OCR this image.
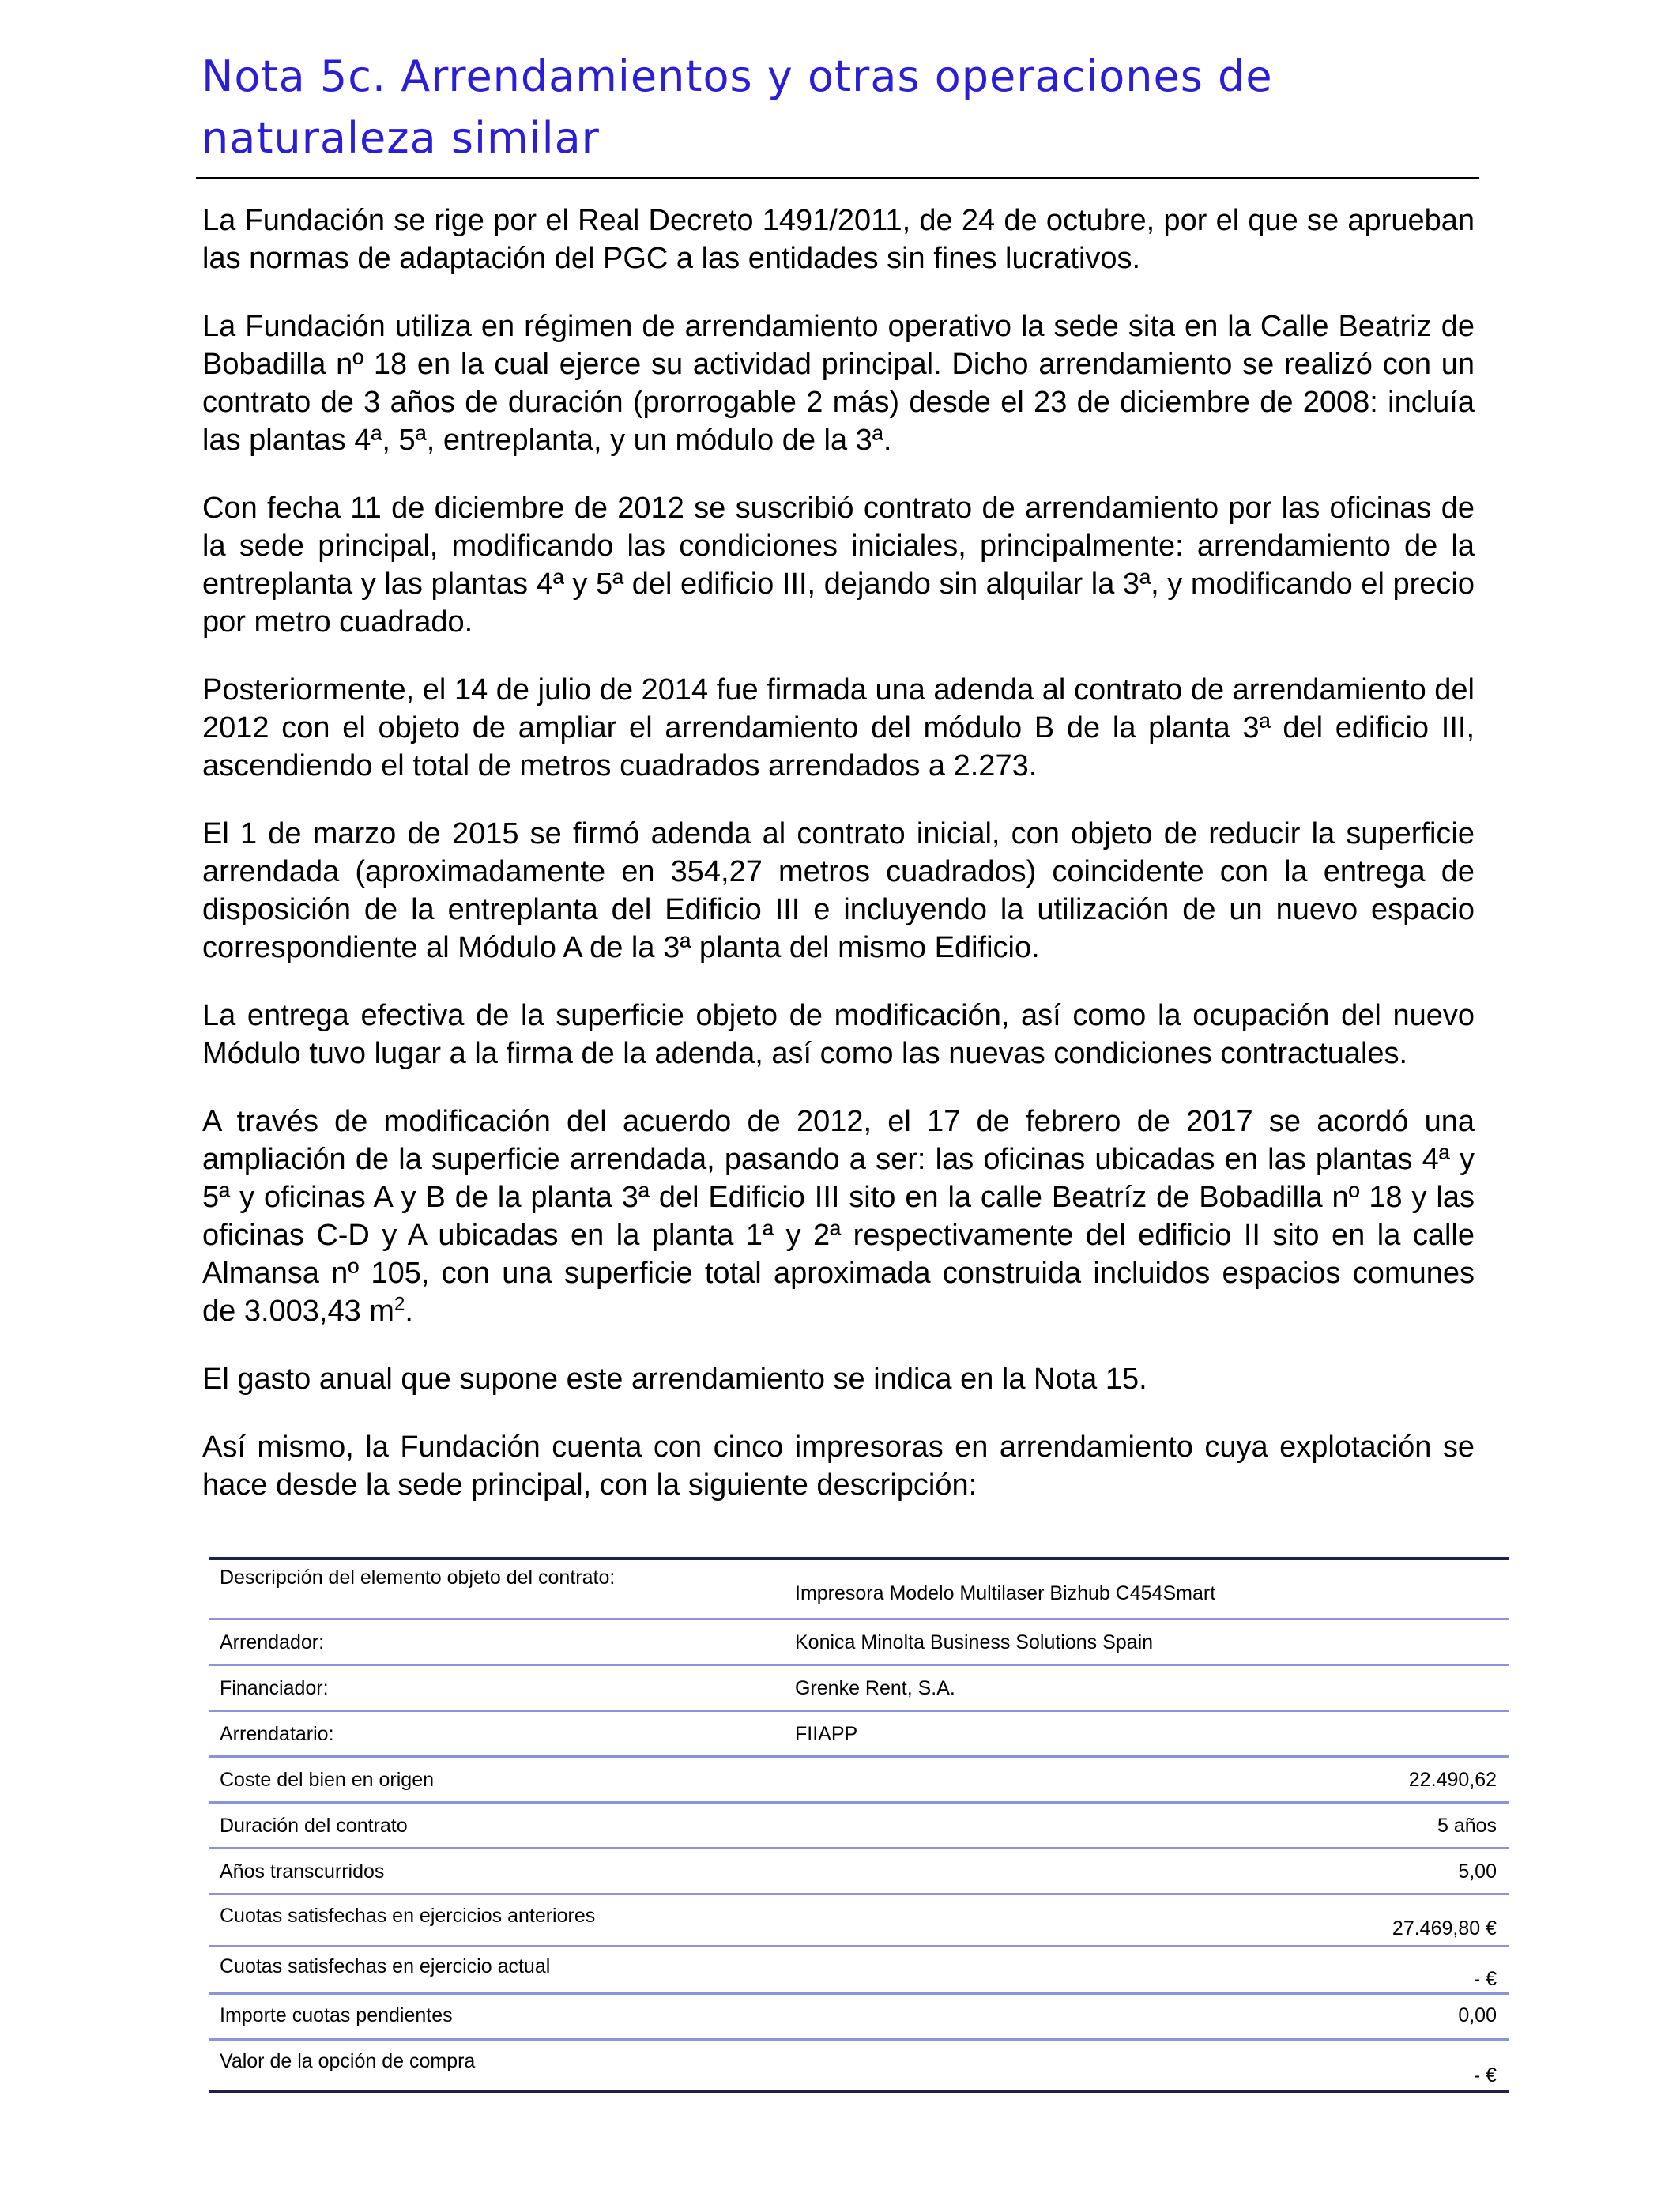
Nota 5c. Arrendamientos y otras operaciones de
naturaleza similar

La Fundación se rige por el Real Decreto 1491/2011, de 24 de octubre, por el que se aprueban las normas de adaptación del PGC a las entidades sin fines lucrativos.

La Fundación utiliza en régimen de arrendamiento operativo la sede sita en la Calle Beatriz de Bobadilla nº 18 en la cual ejerce su actividad principal. Dicho arrendamiento se realizó con un contrato de 3 años de duración (prorrogable 2 más) desde el 23 de diciembre de 2008: incluía las plantas 4ª, 5ª, entreplanta, y un módulo de la 3ª.

Con fecha 11 de diciembre de 2012 se suscribió contrato de arrendamiento por las oficinas de la sede principal, modificando las condiciones iniciales, principalmente: arrendamiento de la entreplanta y las plantas 4ª y 5ª del edificio III, dejando sin alquilar la 3ª, y modificando el precio por metro cuadrado.

Posteriormente, el 14 de julio de 2014 fue firmada una adenda al contrato de arrendamiento del 2012 con el objeto de ampliar el arrendamiento del módulo B de la planta 3ª del edificio III, ascendiendo el total de metros cuadrados arrendados a 2.273.

El 1 de marzo de 2015 se firmó adenda al contrato inicial, con objeto de reducir la superficie arrendada (aproximadamente en 354,27 metros cuadrados) coincidente con la entrega de disposición de la entreplanta del Edificio III e incluyendo la utilización de un nuevo espacio correspondiente al Módulo A de la 3ª planta del mismo Edificio.

La entrega efectiva de la superficie objeto de modificación, así como la ocupación del nuevo Módulo tuvo lugar a la firma de la adenda, así como las nuevas condiciones contractuales.

A través de modificación del acuerdo de 2012, el 17 de febrero de 2017 se acordó una ampliación de la superficie arrendada, pasando a ser: las oficinas ubicadas en las plantas 4ª y 5ª y oficinas A y B de la planta 3ª del Edificio III sito en la calle Beatríz de Bobadilla nº 18 y las oficinas C-D y A ubicadas en la planta 1ª y 2ª respectivamente del edificio II sito en la calle Almansa nº 105, con una superficie total aproximada construida incluidos espacios comunes de 3.003,43 $m^2$.

El gasto anual que supone este arrendamiento se indica en la Nota 15.

Así mismo, la Fundación cuenta con cinco impresoras en arrendamiento cuya explotación se hace desde la sede principal, con la siguiente descripción:

Descripción del elemento objeto del contrato:	Impresora Modelo Multilaser Bizhub C454Smart
Arrendador:	Konica Minolta Business Solutions Spain
Financiador:	Grenke Rent, S.A.
Arrendatario:	FIIAPP
Coste del bien en origen	22.490,62
Duración del contrato	5 años
Años transcurridos	5,00
Cuotas satisfechas en ejercicios anteriores	27.469,80 €
Cuotas satisfechas en ejercicio actual	- €
Importe cuotas pendientes	0,00
Valor de la opción de compra	- €
